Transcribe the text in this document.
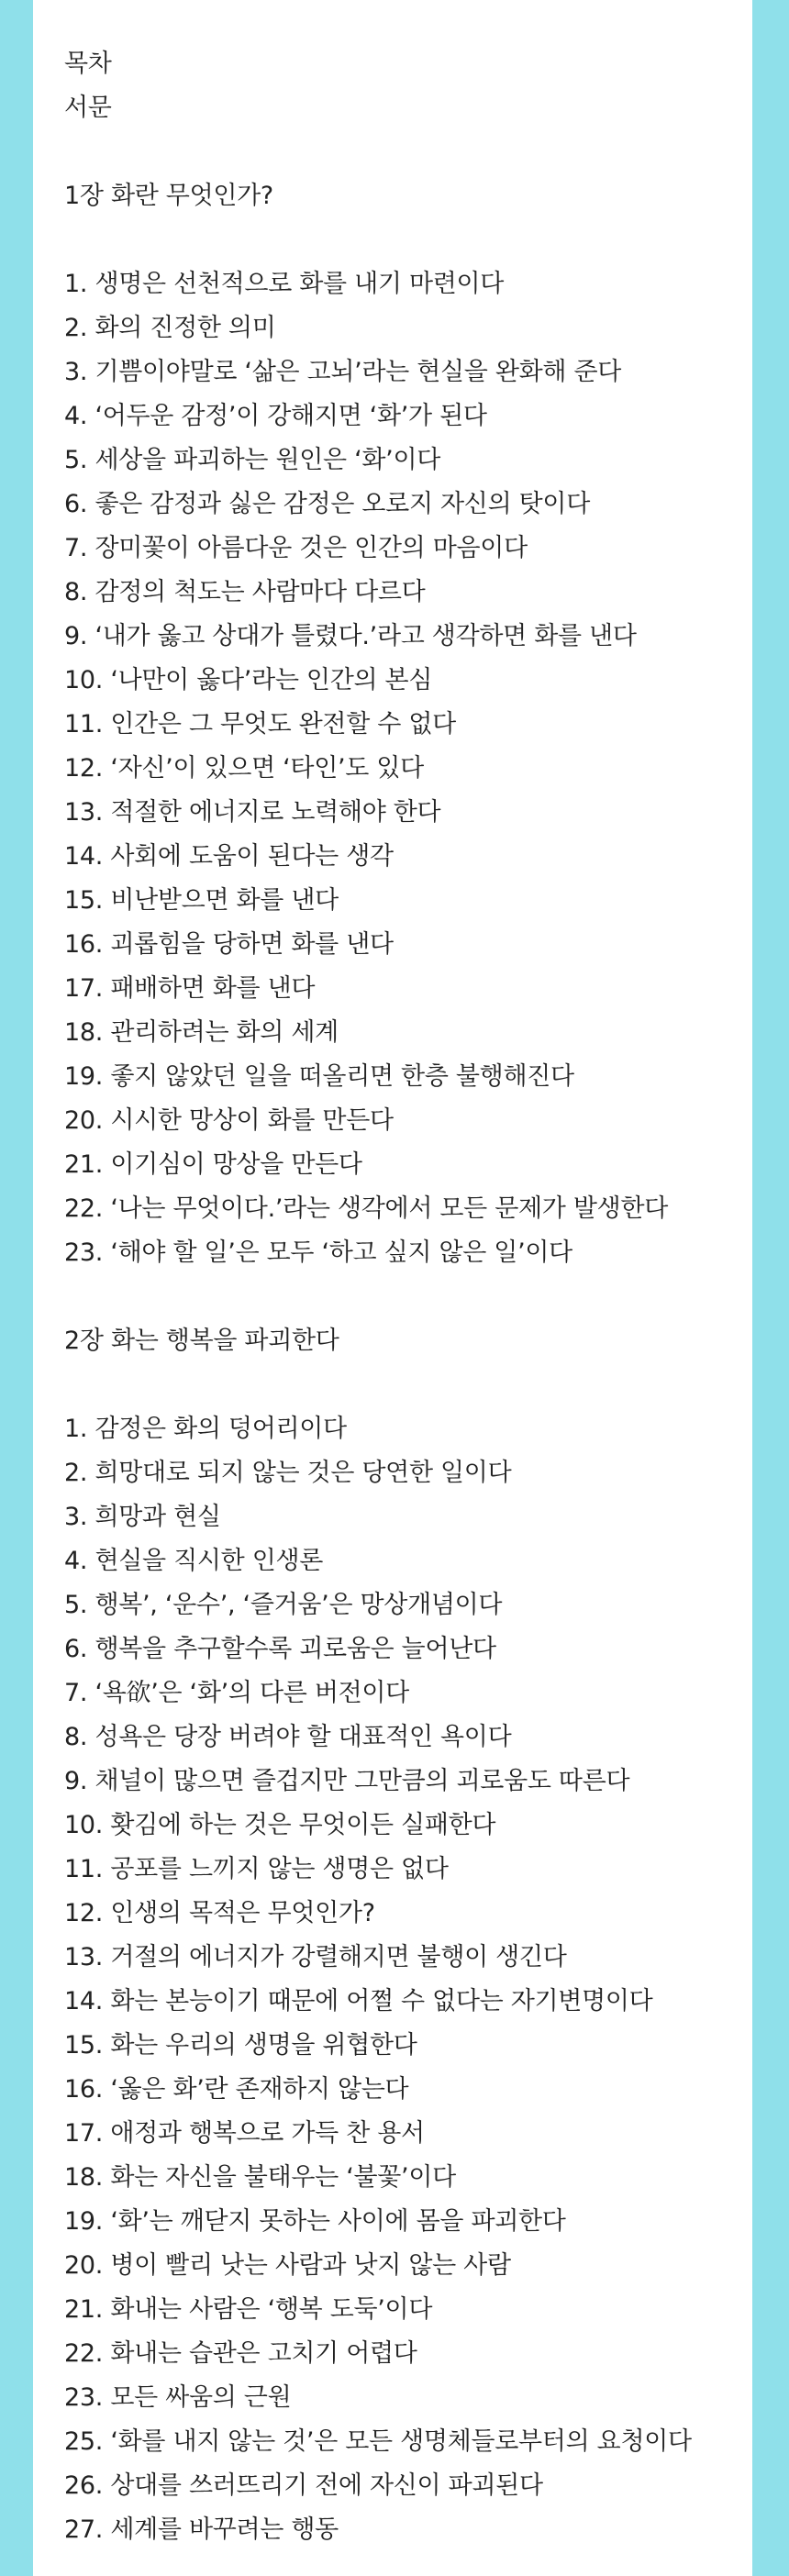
목차
서문
1장 화란 무엇인가?
1. 생명은 선천적으로 화를 내기 마련이다
2. 화의 진정한 의미
3. 기쁨이야말로 ‘삶은 고뇌’라는 현실을 완화해 준다
4. ‘어두운 감정’이 강해지면 ‘화’가 된다
5. 세상을 파괴하는 원인은 ‘화’이다
6. 좋은 감정과 싫은 감정은 오로지 자신의 탓이다
7. 장미꽃이 아름다운 것은 인간의 마음이다
8. 감정의 척도는 사람마다 다르다
9. ‘내가 옳고 상대가 틀렸다.’라고 생각하면 화를 낸다
10. ‘나만이 옳다’라는 인간의 본심
11. 인간은 그 무엇도 완전할 수 없다
12. ‘자신’이 있으면 ‘타인’도 있다
13. 적절한 에너지로 노력해야 한다
14. 사회에 도움이 된다는 생각
15. 비난받으면 화를 낸다
16. 괴롭힘을 당하면 화를 낸다
17. 패배하면 화를 낸다
18. 관리하려는 화의 세계
19. 좋지 않았던 일을 떠올리면 한층 불행해진다
20. 시시한 망상이 화를 만든다
21. 이기심이 망상을 만든다
22. ‘나는 무엇이다.’라는 생각에서 모든 문제가 발생한다
23. ‘해야 할 일’은 모두 ‘하고 싶지 않은 일’이다
2장 화는 행복을 파괴한다
1. 감정은 화의 덩어리이다
2. 희망대로 되지 않는 것은 당연한 일이다
3. 희망과 현실
4. 현실을 직시한 인생론
5. 행복’, ‘운수’, ‘즐거움’은 망상개념이다
6. 행복을 추구할수록 괴로움은 늘어난다
7. ‘욕欲’은 ‘화’의 다른 버전이다
8. 성욕은 당장 버려야 할 대표적인 욕이다
9. 채널이 많으면 즐겁지만 그만큼의 괴로움도 따른다
10. 홧김에 하는 것은 무엇이든 실패한다
11. 공포를 느끼지 않는 생명은 없다
12. 인생의 목적은 무엇인가?
13. 거절의 에너지가 강렬해지면 불행이 생긴다
14. 화는 본능이기 때문에 어쩔 수 없다는 자기변명이다
15. 화는 우리의 생명을 위협한다
16. ‘옳은 화’란 존재하지 않는다
17. 애정과 행복으로 가득 찬 용서
18. 화는 자신을 불태우는 ‘불꽃’이다
19. ‘화’는 깨닫지 못하는 사이에 몸을 파괴한다
20. 병이 빨리 낫는 사람과 낫지 않는 사람
21. 화내는 사람은 ‘행복 도둑’이다
22. 화내는 습관은 고치기 어렵다
23. 모든 싸움의 근원
25. ‘화를 내지 않는 것’은 모든 생명체들로부터의 요청이다
26. 상대를 쓰러뜨리기 전에 자신이 파괴된다
27. 세계를 바꾸려는 행동
